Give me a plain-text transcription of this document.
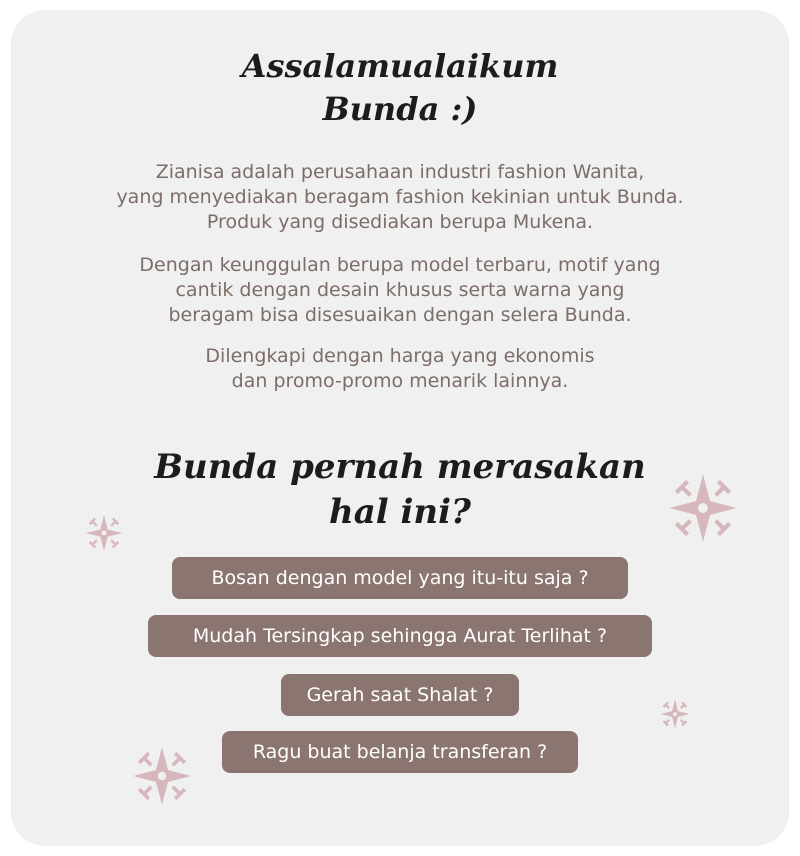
Assalamualaikum
Bunda :)

Zianisa adalah perusahaan industri fashion Wanita,
yang menyediakan beragam fashion kekinian untuk Bunda.
Produk yang disediakan berupa Mukena.

Dengan keunggulan berupa model terbaru, motif yang
cantik dengan desain khusus serta warna yang
beragam bisa disesuaikan dengan selera Bunda.

Dilengkapi dengan harga yang ekonomis
dan promo-promo menarik lainnya.

Bunda pernah merasakan
hal ini?
Bosan dengan model yang itu-itu saja ?
Mudah Tersingkap sehingga Aurat Terlihat ?
Gerah saat Shalat ?
Ragu buat belanja transferan ?
